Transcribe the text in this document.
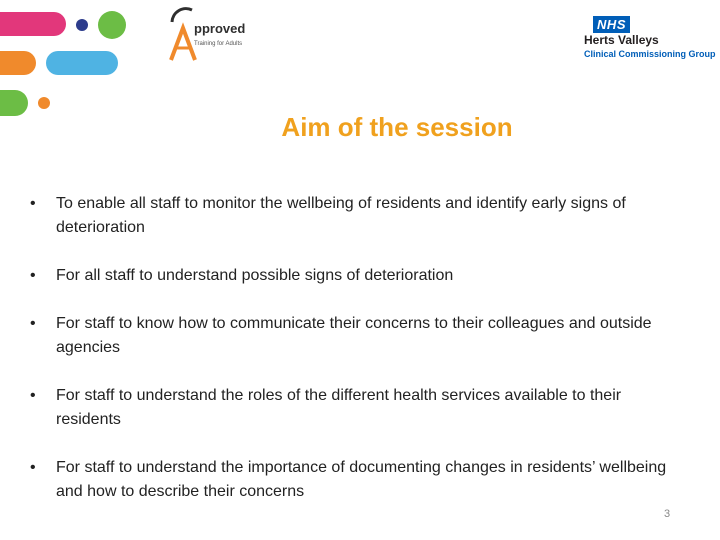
pproved
Training for Adults
NHS
Herts Valleys
Clinical Commissioning Group
Aim of the session
• To enable all staff to monitor the wellbeing of residents and identify early signs of deterioration
• For all staff to understand possible signs of deterioration
• For staff to know how to communicate their concerns to their colleagues and outside agencies
• For staff to understand the roles of the different health services available to their residents
• For staff to understand the importance of documenting changes in residents’ wellbeing and how to describe their concerns
3
